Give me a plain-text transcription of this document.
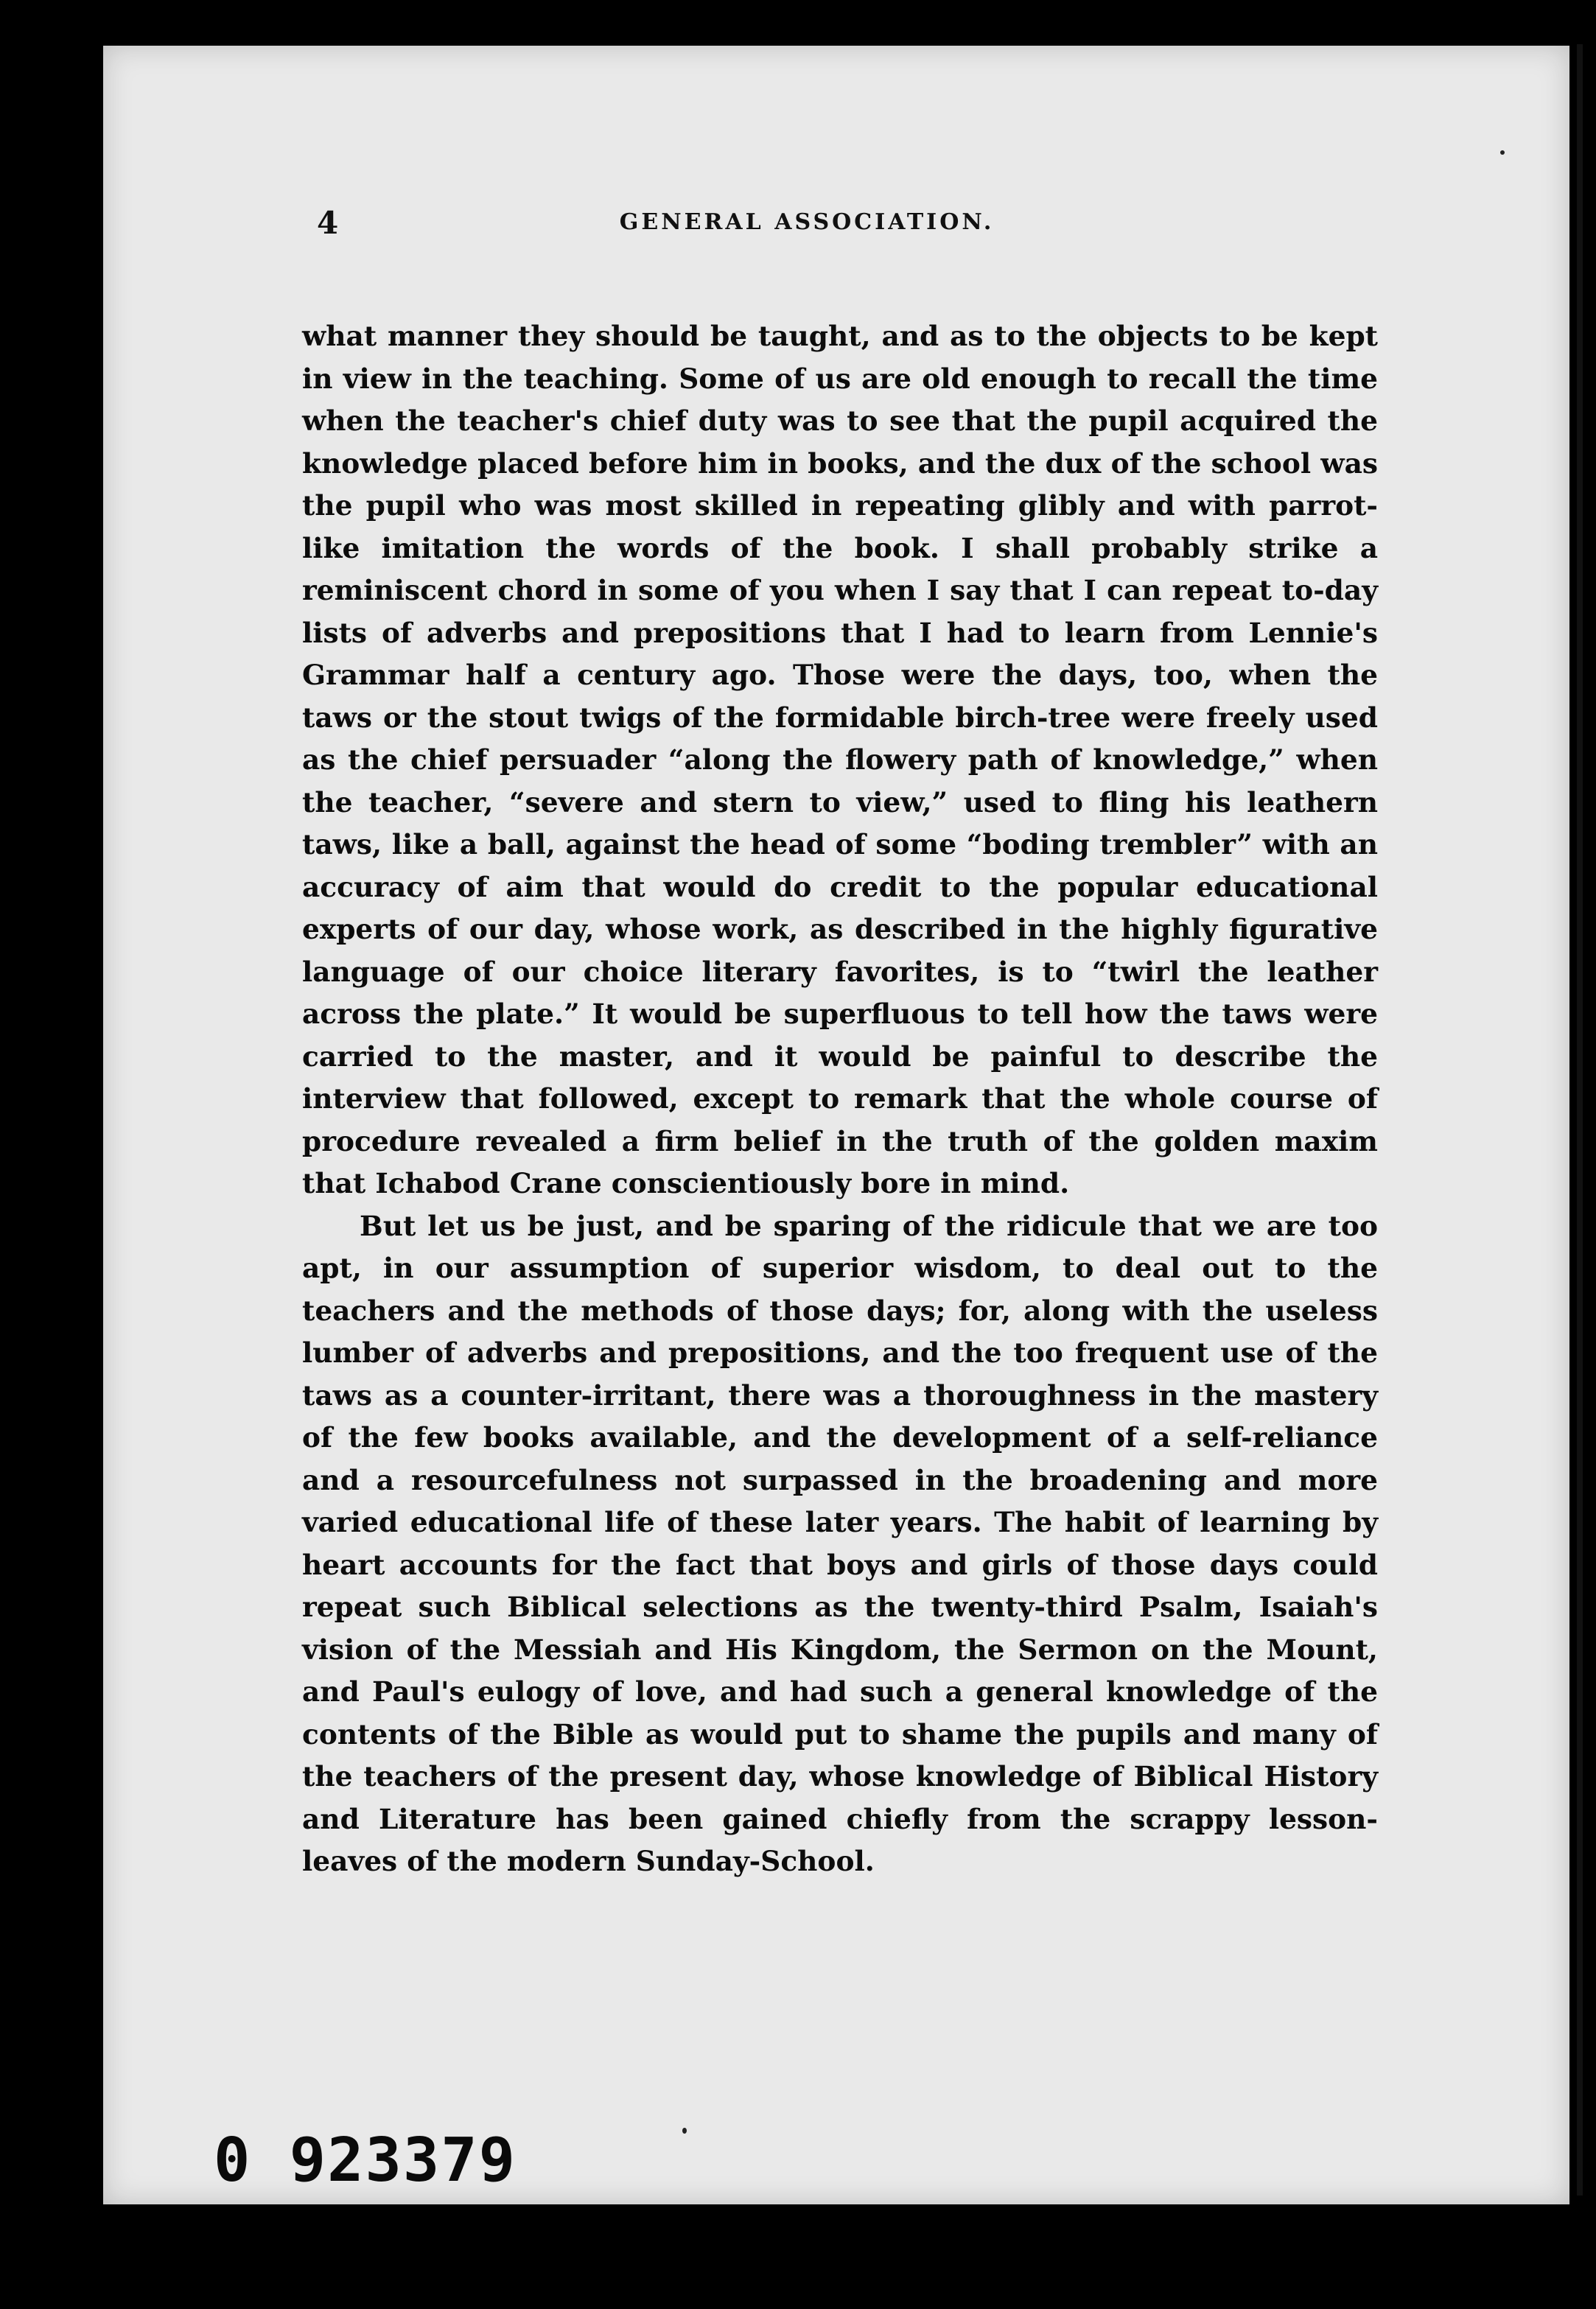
4	GENERAL ASSOCIATION.

what manner they should be taught, and as to the objects to be kept in view in the teaching. Some of us are old enough to recall the time when the teacher's chief duty was to see that the pupil acquired the knowledge placed before him in books, and the dux of the school was the pupil who was most skilled in repeating glibly and with parrot-like imitation the words of the book. I shall probably strike a reminiscent chord in some of you when I say that I can repeat to-day lists of adverbs and prepositions that I had to learn from Lennie's Grammar half a century ago. Those were the days, too, when the taws or the stout twigs of the formidable birch-tree were freely used as the chief persuader “along the flowery path of knowledge,” when the teacher, “severe and stern to view,” used to fling his leathern taws, like a ball, against the head of some “boding trembler” with an accuracy of aim that would do credit to the popular educational experts of our day, whose work, as described in the highly figurative language of our choice literary favorites, is to “twirl the leather across the plate.” It would be superfluous to tell how the taws were carried to the master, and it would be painful to describe the interview that followed, except to remark that the whole course of procedure revealed a firm belief in the truth of the golden maxim that Ichabod Crane conscientiously bore in mind.

But let us be just, and be sparing of the ridicule that we are too apt, in our assumption of superior wisdom, to deal out to the teachers and the methods of those days; for, along with the useless lumber of adverbs and prepositions, and the too frequent use of the taws as a counter-irritant, there was a thoroughness in the mastery of the few books available, and the development of a self-reliance and a resourcefulness not surpassed in the broadening and more varied educational life of these later years. The habit of learning by heart accounts for the fact that boys and girls of those days could repeat such Biblical selections as the twenty-third Psalm, Isaiah's vision of the Messiah and His Kingdom, the Sermon on the Mount, and Paul's eulogy of love, and had such a general knowledge of the contents of the Bible as would put to shame the pupils and many of the teachers of the present day, whose knowledge of Biblical History and Literature has been gained chiefly from the scrappy lesson-leaves of the modern Sunday-School.

0 923379
